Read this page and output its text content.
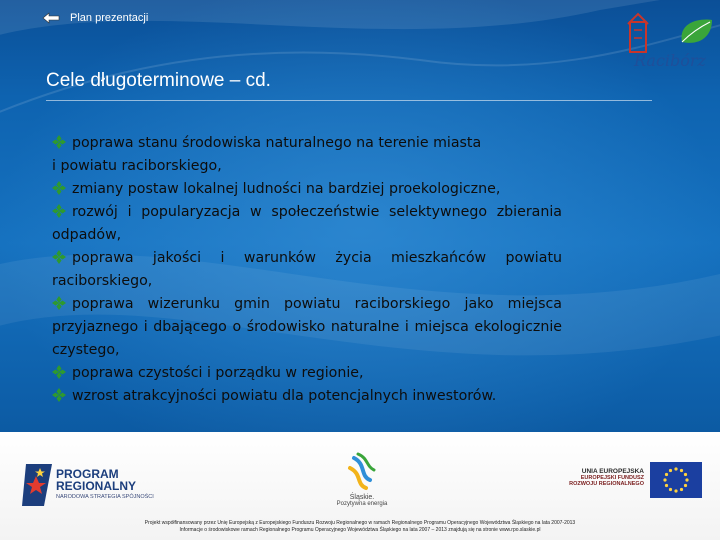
Plan prezentacji
Racibórz
Cele długoterminowe – cd.
poprawa stanu środowiska naturalnego na terenie miasta
i powiatu raciborskiego,
zmiany postaw lokalnej ludności na bardziej proekologiczne,
rozwój i popularyzacja w społeczeństwie selektywnego zbierania odpadów,
poprawa jakości i warunków życia mieszkańców powiatu raciborskiego,
poprawa wizerunku gmin powiatu raciborskiego jako miejsca przyjaznego i dbającego o środowisko naturalne i miejsca ekologicznie czystego,
poprawa czystości i porządku w regionie,
wzrost atrakcyjności powiatu dla potencjalnych inwestorów.
PROGRAM
REGIONALNY
NARODOWA STRATEGIA SPÓJNOŚCI	Śląskie.
Pozytywna energia
UNIA EUROPEJSKA
EUROPEJSKI FUNDUSZ
ROZWOJU REGIONALNEGO
Projekt współfinansowany przez Unię Europejską z Europejskiego Funduszu Rozwoju Regionalnego w ramach Regionalnego Programu Operacyjnego Województwa Śląskiego na lata 2007-2013
Informacje o środowiskowe ramach Regionalnego Programu Operacyjnego Województwa Śląskiego na lata 2007 – 2013 znajdują się na stronie www.rpo.slaskie.pl
